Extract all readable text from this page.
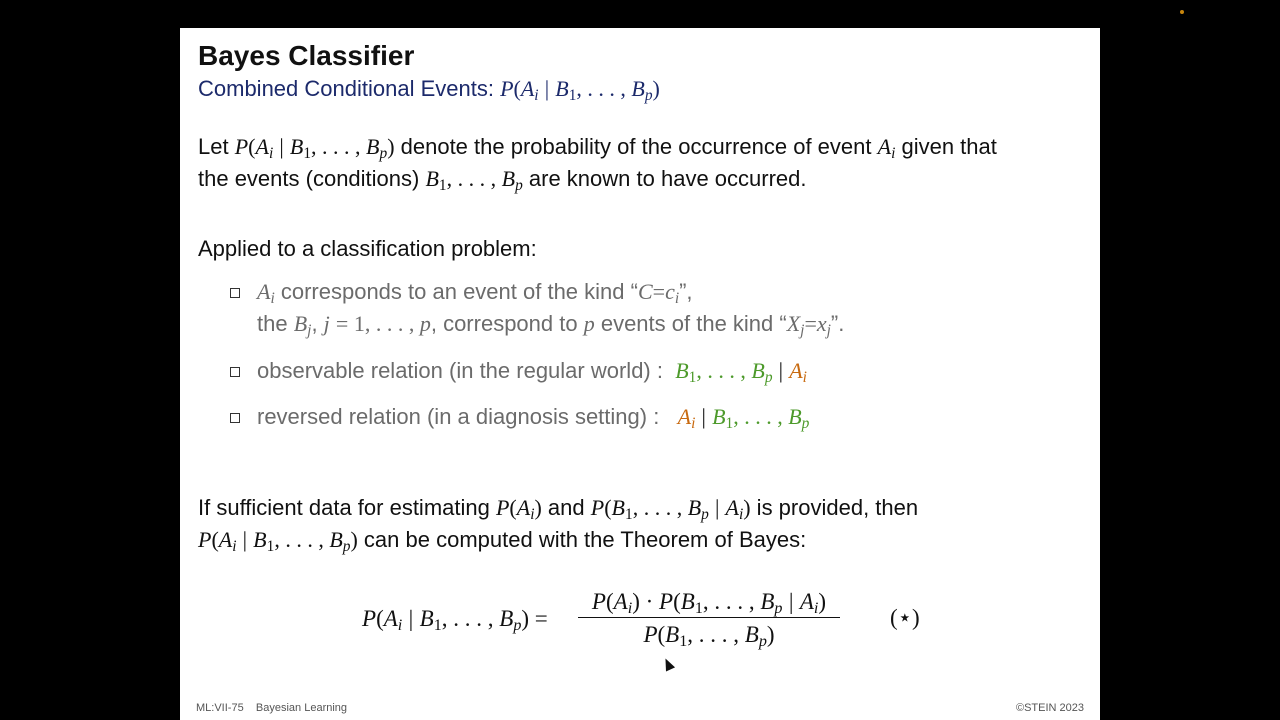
Bayes Classifier
Combined Conditional Events: $P(A_i$ | $B_1$, . . . , $B_p$)
Let $P(A_i$ | $B_1$, . . . , $B_p$) denote the probability of the occurrence of event $A_i$ given that
the events (conditions) $B_1$, . . . , $B_p$ are known to have occurred.
Applied to a classification problem:
$A_i$ corresponds to an event of the kind “$C=c_i$”,
the $B_j$, j = 1, . . . , p, correspond to p events of the kind “$X_j=x_j$”.
observable relation (in the regular world) : $B_1$, . . . , $B_p$ | $A_i$
reversed relation (in a diagnosis setting) : $A_i$ | $B_1$, . . . , $B_p$
If sufficient data for estimating $P(A_i)$ and $P(B_1$, . . . , $B_p$ | $A_i$) is provided, then
$P(A_i$ | $B_1$, . . . , $B_p$) can be computed with the Theorem of Bayes:
$P(A_i$ | $B_1$, . . . , $B_p$) =
$P(A_i) \cdot P(B_1$, . . . , $B_p$ | $A_i$)
$P(B_1$, . . . , $B_p$)
(⋆)
ML:VII-75    Bayesian Learning	©STEIN 2023
